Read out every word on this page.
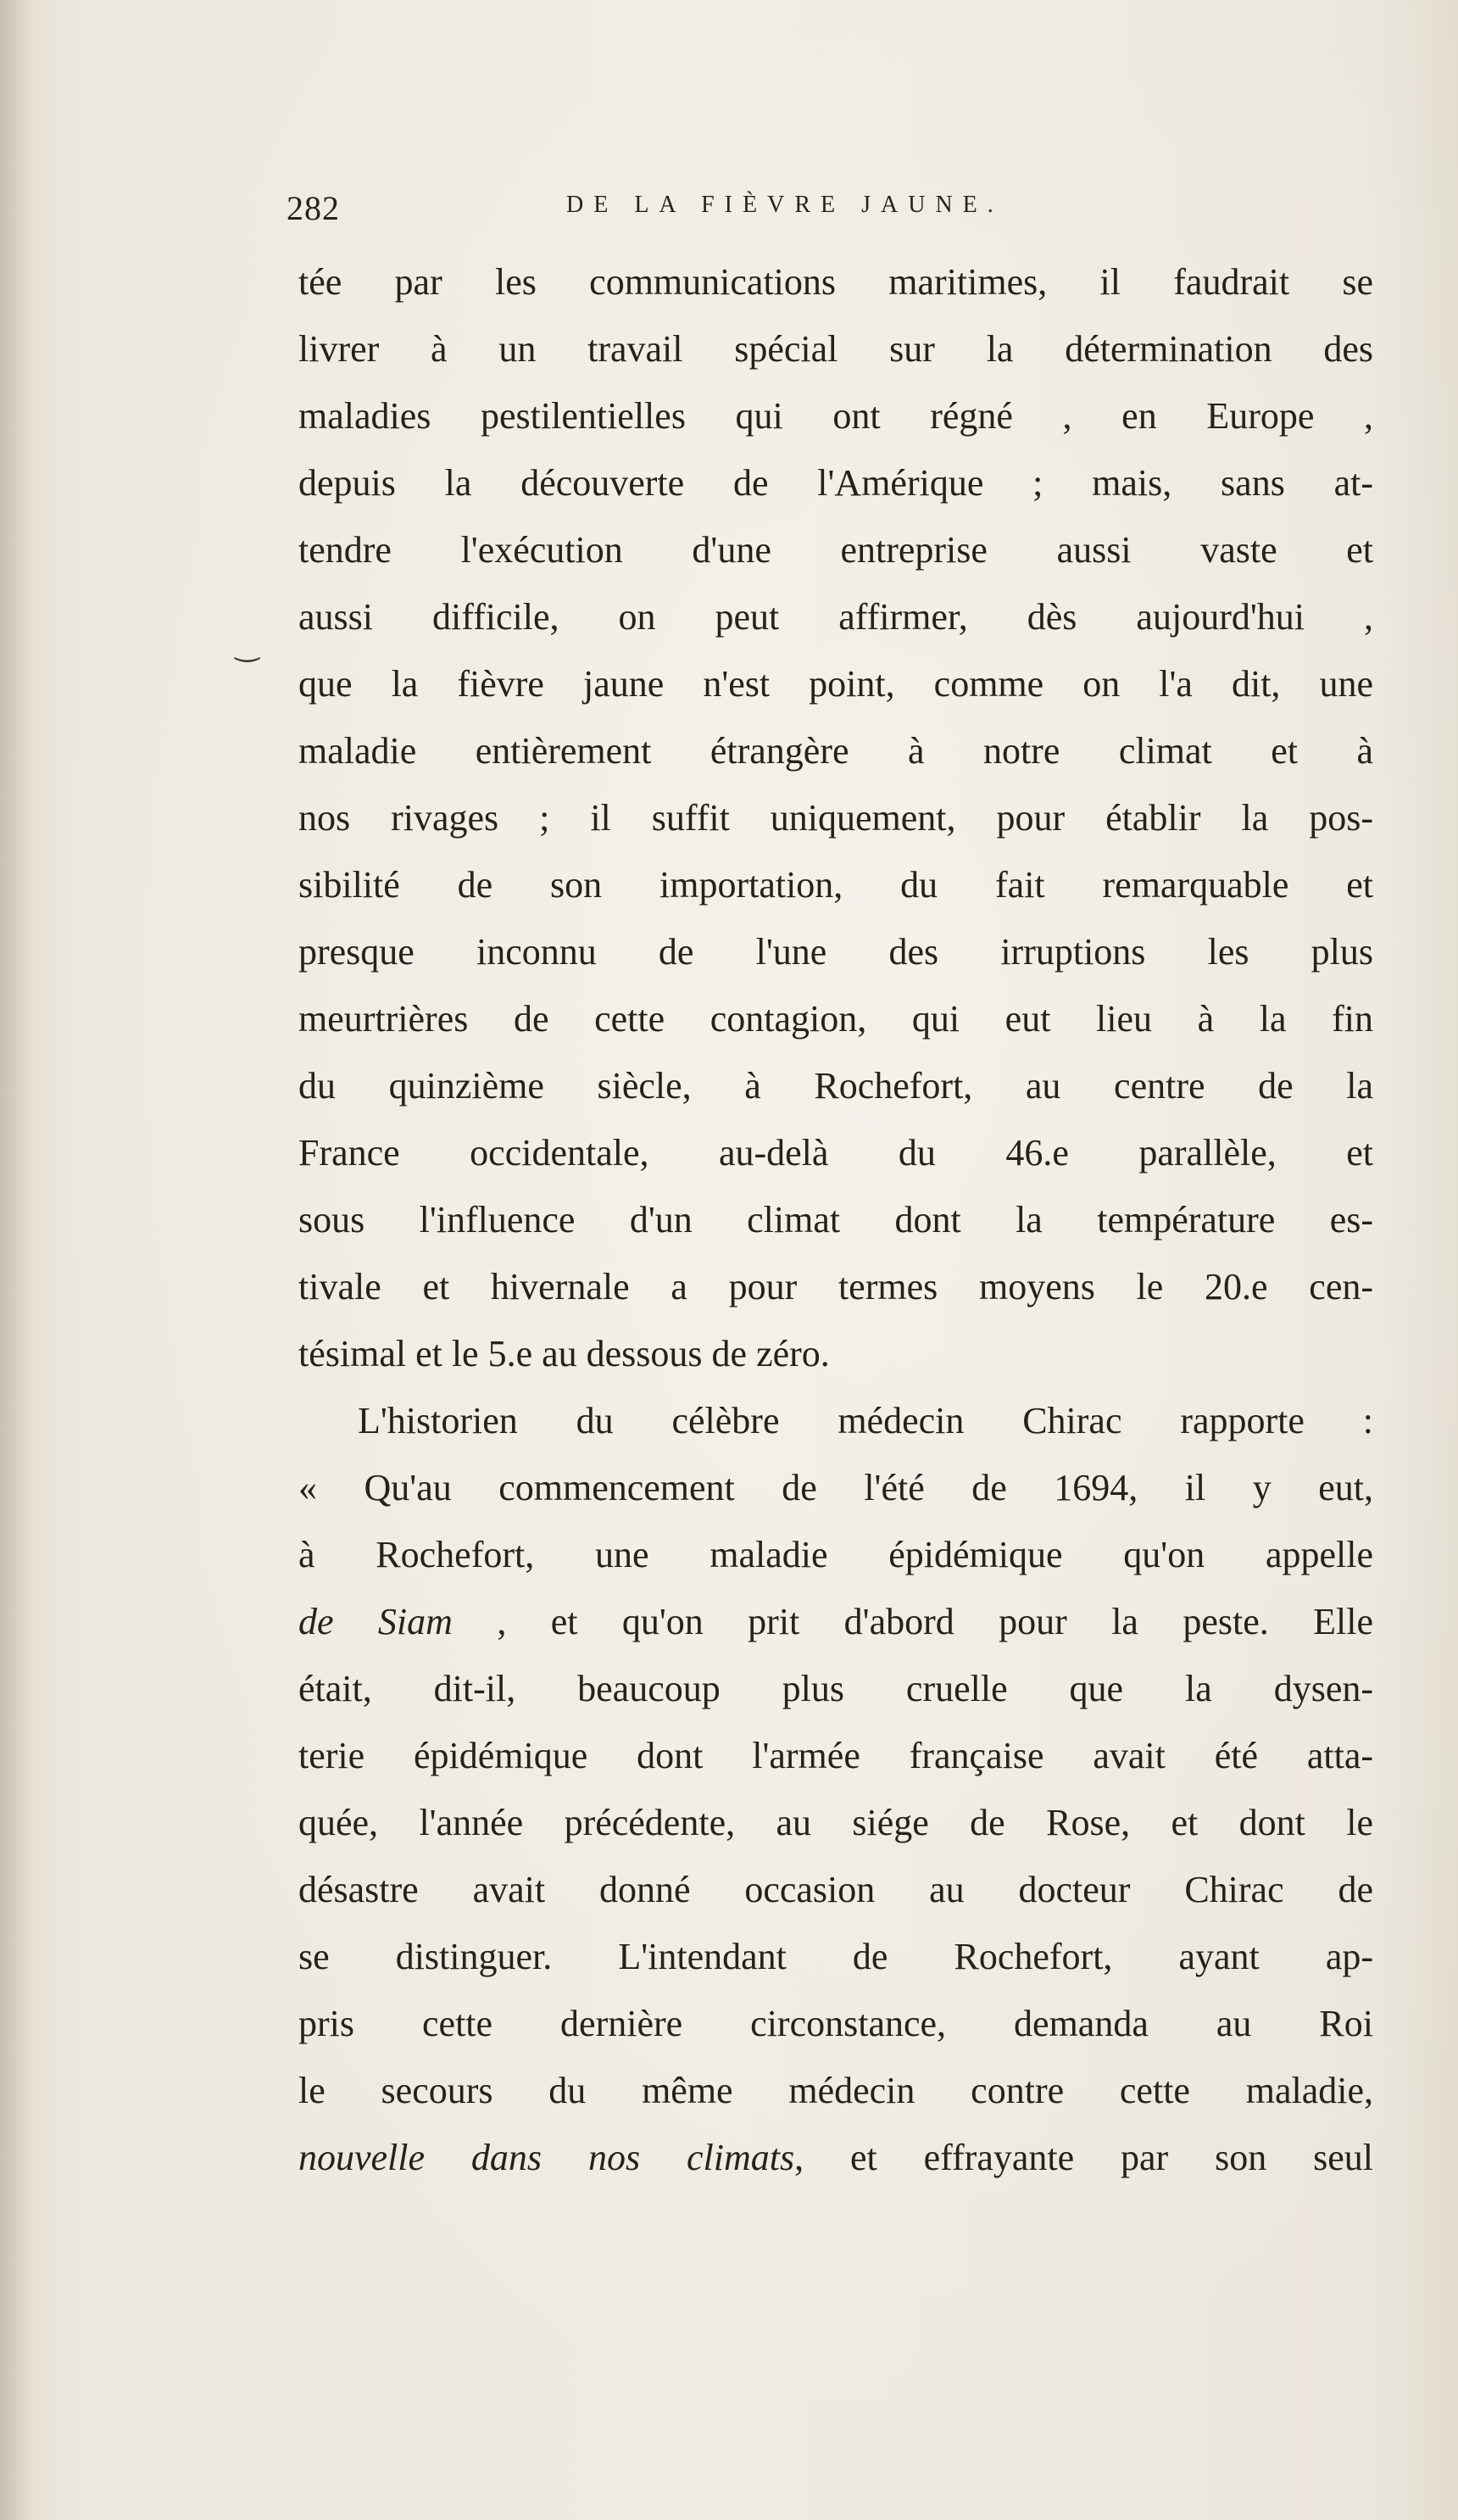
282	DE LA FIÈVRE JAUNE.
‿
tée par les communications maritimes, il faudrait se
livrer à un travail spécial sur la détermination des
maladies pestilentielles qui ont régné , en Europe ,
depuis la découverte de l'Amérique ; mais, sans at-
tendre l'exécution d'une entreprise aussi vaste et
aussi difficile, on peut affirmer, dès aujourd'hui ,
que la fièvre jaune n'est point, comme on l'a dit, une
maladie entièrement étrangère à notre climat et à
nos rivages ; il suffit uniquement, pour établir la pos-
sibilité de son importation, du fait remarquable et
presque inconnu de l'une des irruptions les plus
meurtrières de cette contagion, qui eut lieu à la fin
du quinzième siècle, à Rochefort, au centre de la
France occidentale, au-delà du 46.e parallèle, et
sous l'influence d'un climat dont la température es-
tivale et hivernale a pour termes moyens le 20.e cen-
tésimal et le 5.e au dessous de zéro.
L'historien du célèbre médecin Chirac rapporte :
« Qu'au commencement de l'été de 1694, il y eut,
à Rochefort, une maladie épidémique qu'on appelle
de Siam , et qu'on prit d'abord pour la peste. Elle
était, dit-il, beaucoup plus cruelle que la dysen-
terie épidémique dont l'armée française avait été atta-
quée, l'année précédente, au siége de Rose, et dont le
désastre avait donné occasion au docteur Chirac de
se distinguer. L'intendant de Rochefort, ayant ap-
pris cette dernière circonstance, demanda au Roi
le secours du même médecin contre cette maladie,
nouvelle dans nos climats, et effrayante par son seul
